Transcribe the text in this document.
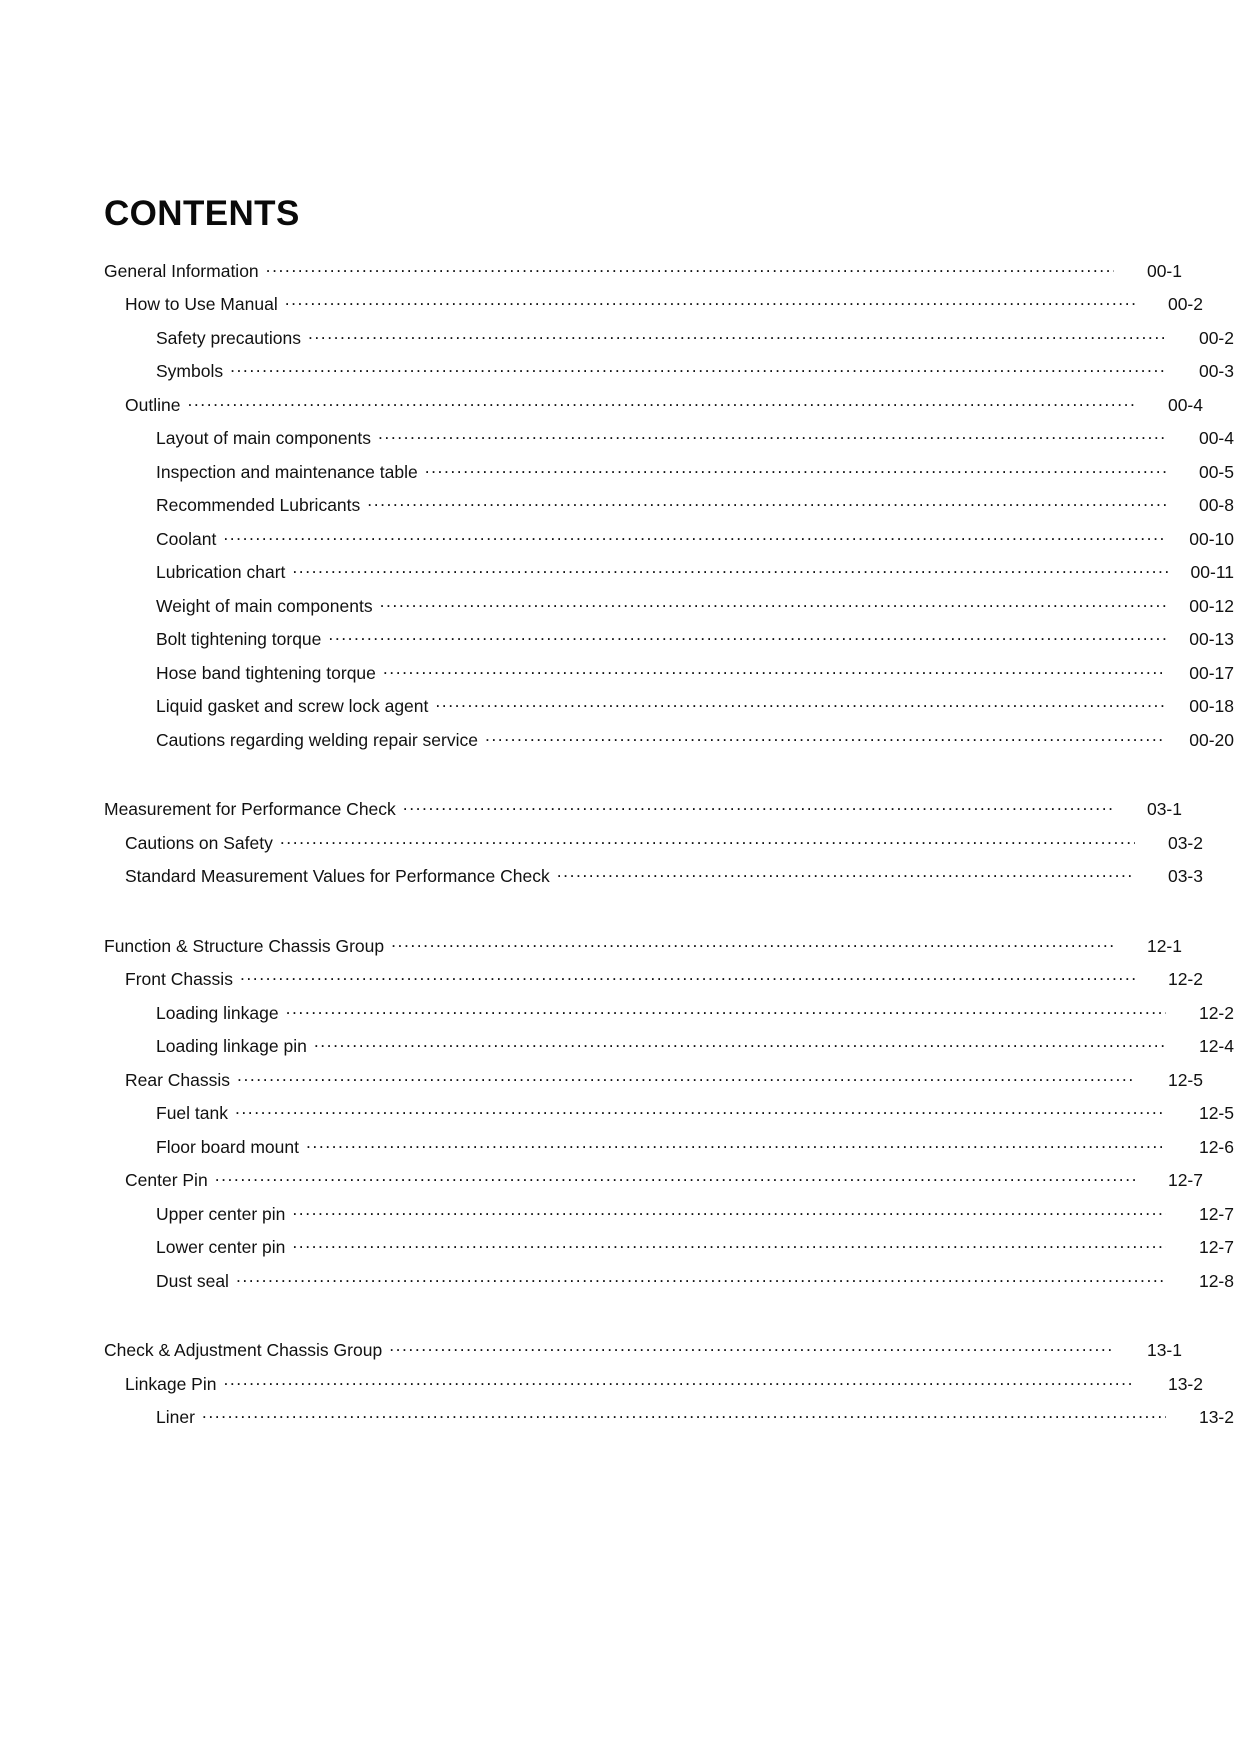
CONTENTS
General Information .....	00-1
How to Use Manual .....	00-2
Safety precautions .....	00-2
Symbols .....	00-3
Outline .....	00-4
Layout of main components .....	00-4
Inspection and maintenance table .....	00-5
Recommended Lubricants .....	00-8
Coolant .....	00-10
Lubrication chart .....	00-11
Weight of main components .....	00-12
Bolt tightening torque .....	00-13
Hose band tightening torque .....	00-17
Liquid gasket and screw lock agent .....	00-18
Cautions regarding welding repair service .....	00-20
Measurement for Performance Check .....	03-1
Cautions on Safety .....	03-2
Standard Measurement Values for Performance Check .....	03-3
Function & Structure Chassis Group .....	12-1
Front Chassis .....	12-2
Loading linkage .....	12-2
Loading linkage pin .....	12-4
Rear Chassis .....	12-5
Fuel tank .....	12-5
Floor board mount .....	12-6
Center Pin .....	12-7
Upper center pin .....	12-7
Lower center pin .....	12-7
Dust seal .....	12-8
Check & Adjustment Chassis Group .....	13-1
Linkage Pin .....	13-2
Liner .....	13-2
